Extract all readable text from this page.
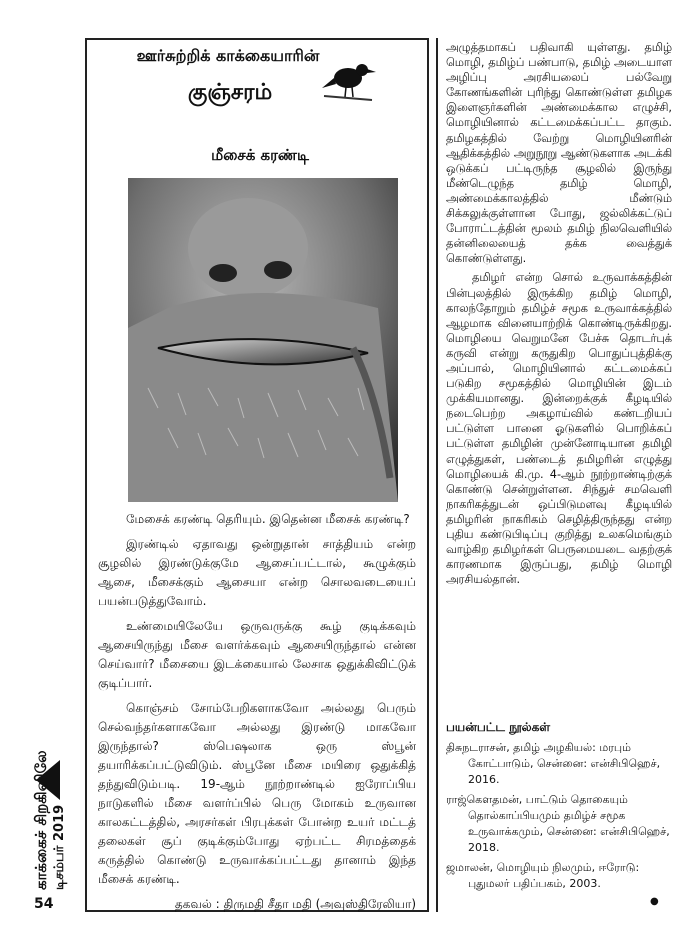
காக்கைச் சிறகினிலே டிசம்பர் 2019
54
ஊர்சுற்றிக் காக்கையாரின்
குஞ்சரம்
மீசைக் கரண்டி

மேசைக் கரண்டி தெரியும். இதென்ன மீசைக் கரண்டி?

இரண்டில் ஏதாவது ஒன்றுதான் சாத்தியம் என்ற சூழலில் இரண்டுக்குமே ஆசைப்பட்டால், கூழுக்கும் ஆசை, மீசைக்கும் ஆசையா என்ற சொலவடையைப் பயன்படுத்துவோம்.

உண்மையிலேயே ஒருவருக்கு கூழ் குடிக்கவும் ஆசையிருந்து மீசை வளர்க்கவும் ஆசையிருந்தால் என்ன செய்வார்? மீசையை இடக்கையால் லேசாக ஒதுக்கிவிட்டுக் குடிப்பார்.

கொஞ்சம் சோம்பேறிகளாகவோ அல்லது பெரும் செல்வந்தர்களாகவோ அல்லது இரண்டு மாகவோ இருந்தால்? ஸ்பெஷலாக ஒரு ஸ்பூன் தயாரிக்கப்பட்டுவிடும். ஸ்பூனே மீசை மயிரை ஒதுக்கித் தந்துவிடும்படி. 19-ஆம் நூற்றாண்டில் ஐரோப்பிய நாடுகளில் மீசை வளர்ப்பில் பெரு மோகம் உருவான காலகட்டத்தில், அரசர்கள் பிரபுக்கள் போன்ற உயர் மட்டத் தலைகள் சூப் குடிக்கும்போது ஏற்பட்ட சிரமத்தைக் கருத்தில் கொண்டு உருவாக்கப்பட்டது தானாம் இந்த மீசைக் கரண்டி.

தகவல் : திருமதி சீதா மதி (அவுஸ்திரேலியா)

அழுத்தமாகப் பதிவாகி யுள்ளது. தமிழ் மொழி, தமிழ்ப் பண்பாடு, தமிழ் அடையாள அழிப்பு அரசியலைப் பல்வேறு கோணங்களின் புரிந்து கொண்டுள்ள தமிழக இளைஞர்களின் அண்மைக்கால எழுச்சி, மொழியினால் கட்டமைக்கப்பட்ட தாகும். தமிழகத்தில் வேற்று மொழியினரின் ஆதிக்கத்தில் அறுநூறு ஆண்டுகளாக அடக்கி ஒடுக்கப் பட்டிருந்த சூழலில் இருந்து மீண்டெழுந்த தமிழ் மொழி, அண்மைக்காலத்தில் மீண்டும் சிக்கலுக்குள்ளான போது, ஜல்லிக்கட்டுப் போராட்டத்தின் மூலம் தமிழ் நிலவெளியில் தன்னிலையைத் தக்க வைத்துக் கொண்டுள்ளது.

தமிழர் என்ற சொல் உருவாக்கத்தின் பின்புலத்தில் இருக்கிற தமிழ் மொழி, காலந்தோறும் தமிழ்ச் சமூக உருவாக்கத்தில் ஆழமாக வினையாற்றிக் கொண்டிருக்கிறது. மொழியை வெறுமனே பேச்சு தொடர்புக் கருவி என்று கருதுகிற பொதுப்புத்திக்கு அப்பால், மொழியினால் கட்டமைக்கப் படுகிற சமூகத்தில் மொழியின் இடம் முக்கியமானது. இன்றைக்குக் கீழடியில் நடைபெற்ற அகழாய்வில் கண்டறியப் பட்டுள்ள பானை ஓடுகளில் பொறிக்கப் பட்டுள்ள தமிழின் முன்னோடியான தமிழி எழுத்துகள், பண்டைத் தமிழரின் எழுத்து மொழியைக் கி.மு. 4-ஆம் நூற்றாண்டிற்குக் கொண்டு சென்றுள்ளன. சிந்துச் சமவெளி நாகரிகத்துடன் ஒப்பிடுமளவு கீழடியில் தமிழரின் நாகரிகம் செழித்திருந்தது என்ற புதிய கண்டுபிடிப்பு குறித்து உலகமெங்கும் வாழ்கிற தமிழர்கள் பெருமையடை வதற்குக் காரணமாக இருப்பது, தமிழ் மொழி அரசியல்தான்.

பயன்பட்ட நூல்கள்
திசுநடராசன், தமிழ் அழகியல்: மரபும் கோட்பாடும், சென்னை: என்சிபிஹெச், 2016.
ராஜ்கௌதமன், பாட்டும் தொகையும் தொல்காப்பியமும் தமிழ்ச் சமூக உருவாக்கமும், சென்னை: என்சிபிஹெச், 2018.
ஜமாலன், மொழியும் நிலமும், ஈரோடு: புதுமலர் பதிப்பகம், 2003.
●
